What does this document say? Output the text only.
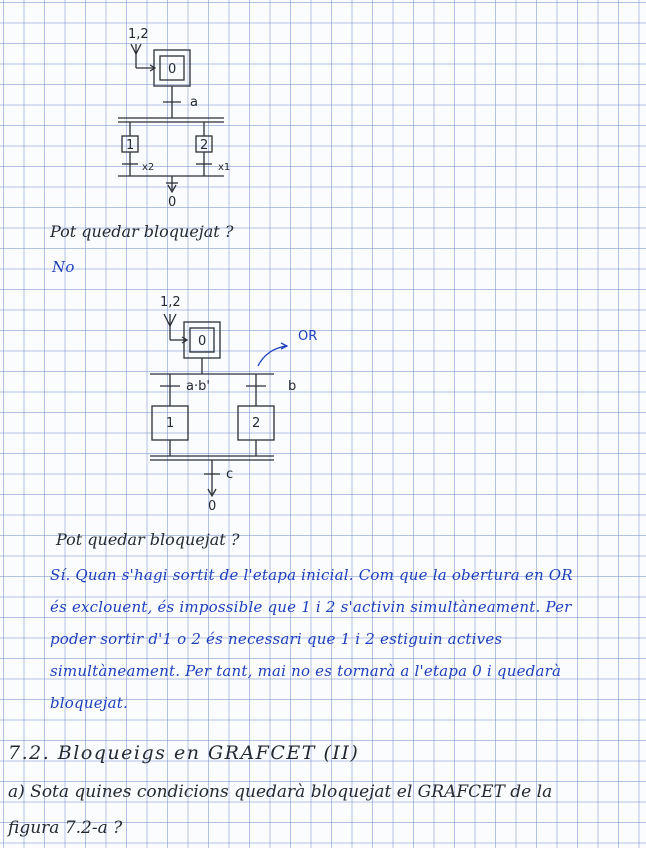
1,2
0
a
1	2
x2	x1
0
Pot quedar bloquejat ?
No
1,2
0	OR
a·b'	b
1	2
c
0
Pot quedar bloquejat ?
Sí. Quan s'hagi sortit de l'etapa inicial. Com que la obertura en OR
és exclouent, és impossible que 1 i 2 s'activin simultàneament. Per
poder sortir d'1 o 2 és necessari que 1 i 2 estiguin actives
simultàneament. Per tant, mai no es tornarà a l'etapa 0 i quedarà
bloquejat.
7.2. Bloqueigs en GRAFCET (II)
a) Sota quines condicions quedarà bloquejat el GRAFCET de la
figura 7.2-a ?
